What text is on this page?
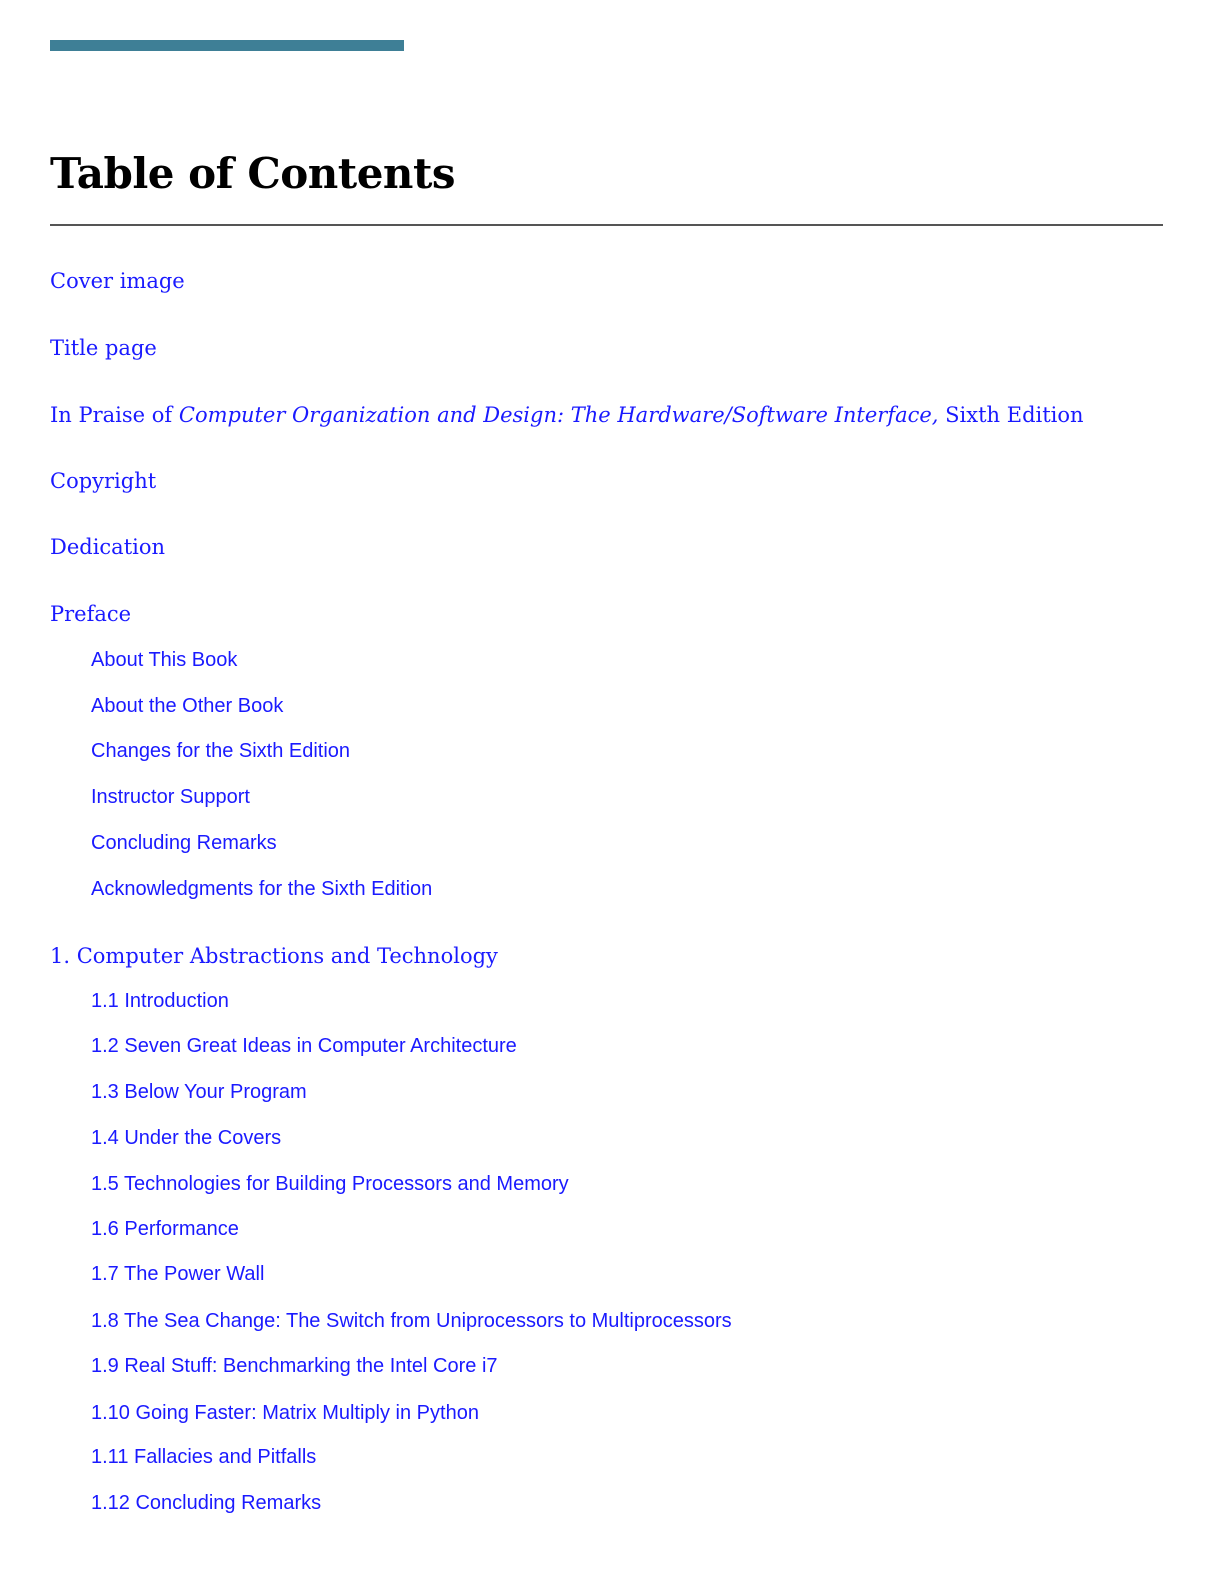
Table of Contents
Cover image
Title page
In Praise of Computer Organization and Design: The Hardware/Software Interface, Sixth Edition
Copyright
Dedication
Preface
About This Book
About the Other Book
Changes for the Sixth Edition
Instructor Support
Concluding Remarks
Acknowledgments for the Sixth Edition
1. Computer Abstractions and Technology
1.1 Introduction
1.2 Seven Great Ideas in Computer Architecture
1.3 Below Your Program
1.4 Under the Covers
1.5 Technologies for Building Processors and Memory
1.6 Performance
1.7 The Power Wall
1.8 The Sea Change: The Switch from Uniprocessors to Multiprocessors
1.9 Real Stuff: Benchmarking the Intel Core i7
1.10 Going Faster: Matrix Multiply in Python
1.11 Fallacies and Pitfalls
1.12 Concluding Remarks
